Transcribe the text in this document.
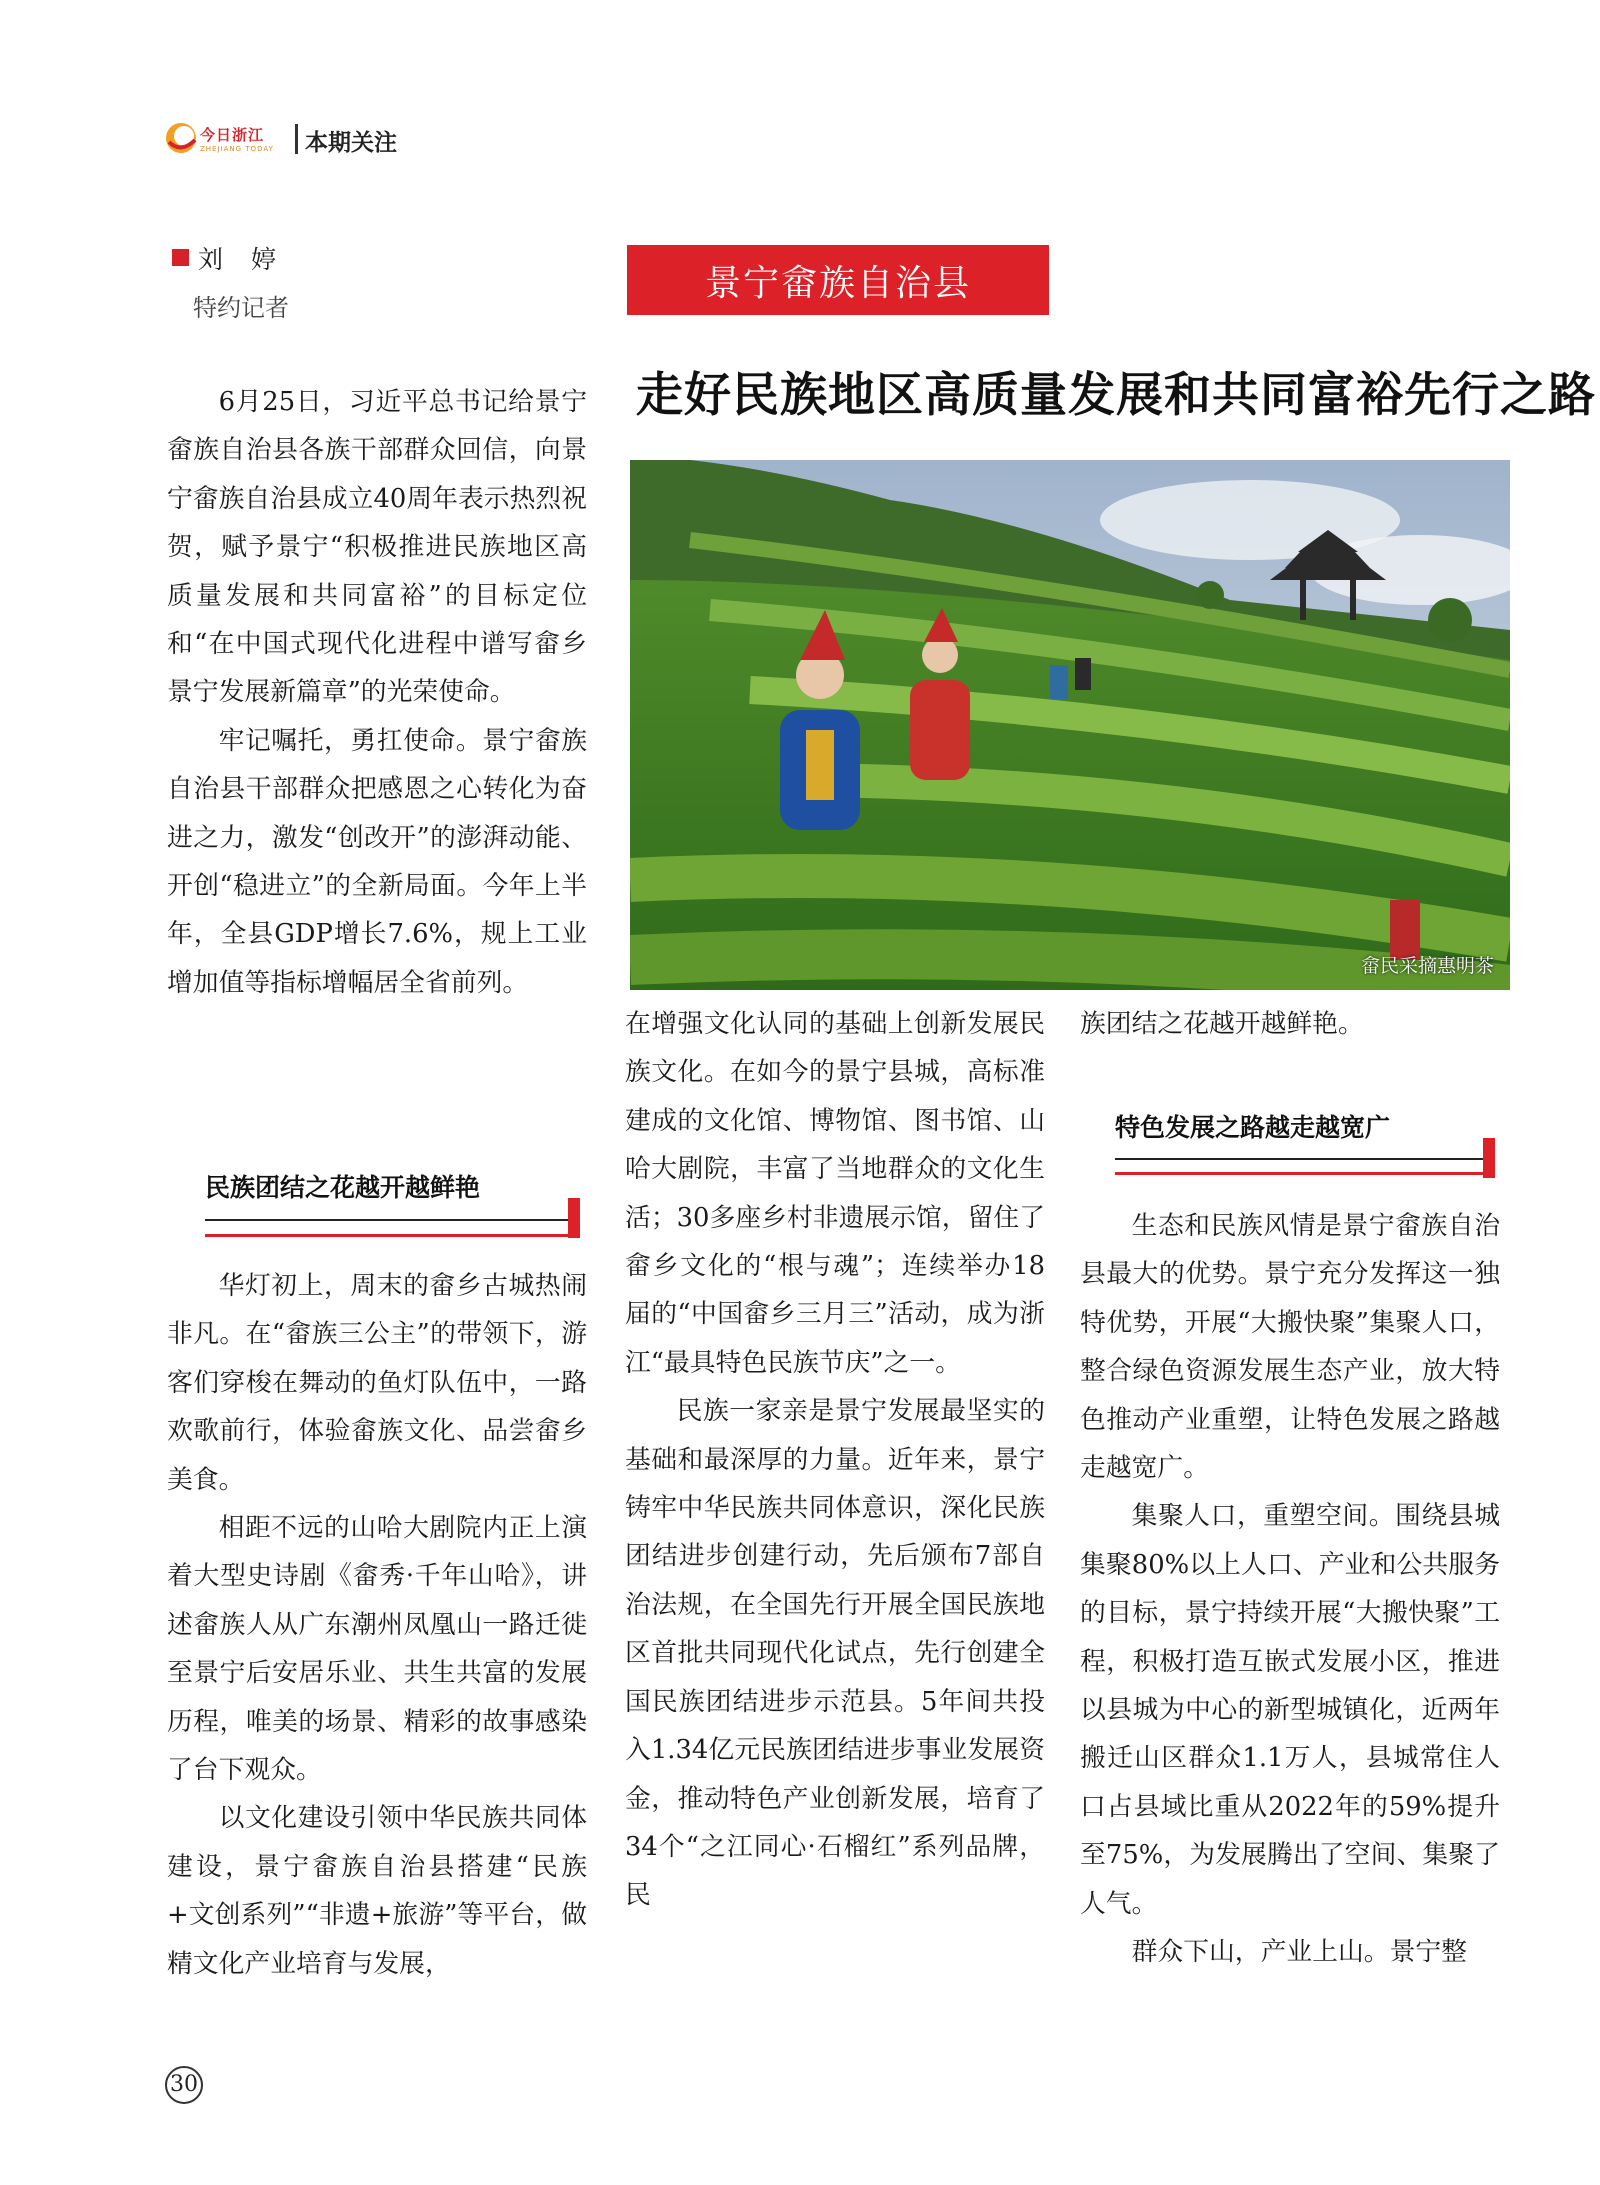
今日浙江
ZHEJIANG TODAY 本期关注
刘 婷
特约记者
景宁畲族自治县
走好民族地区高质量发展和共同富裕先行之路
畲民采摘惠明茶

6月25日，习近平总书记给景宁畲族自治县各族干部群众回信，向景宁畲族自治县成立40周年表示热烈祝贺，赋予景宁“积极推进民族地区高质量发展和共同富裕”的目标定位和“在中国式现代化进程中谱写畲乡景宁发展新篇章”的光荣使命。

牢记嘱托，勇扛使命。景宁畲族自治县干部群众把感恩之心转化为奋进之力，激发“创改开”的澎湃动能、开创“稳进立”的全新局面。今年上半年，全县GDP增长7.6%，规上工业增加值等指标增幅居全省前列。

民族团结之花越开越鲜艳

华灯初上，周末的畲乡古城热闹非凡。在“畲族三公主”的带领下，游客们穿梭在舞动的鱼灯队伍中，一路欢歌前行，体验畲族文化、品尝畲乡美食。

相距不远的山哈大剧院内正上演着大型史诗剧《畲秀·千年山哈》，讲述畲族人从广东潮州凤凰山一路迁徙至景宁后安居乐业、共生共富的发展历程，唯美的场景、精彩的故事感染了台下观众。

以文化建设引领中华民族共同体建设，景宁畲族自治县搭建“民族+文创系列”“非遗+旅游”等平台，做精文化产业培育与发展，

在增强文化认同的基础上创新发展民族文化。在如今的景宁县城，高标准建成的文化馆、博物馆、图书馆、山哈大剧院，丰富了当地群众的文化生活；30多座乡村非遗展示馆，留住了畲乡文化的“根与魂”；连续举办18届的“中国畲乡三月三”活动，成为浙江“最具特色民族节庆”之一。

民族一家亲是景宁发展最坚实的基础和最深厚的力量。近年来，景宁铸牢中华民族共同体意识，深化民族团结进步创建行动，先后颁布7部自治法规，在全国先行开展全国民族地区首批共同现代化试点，先行创建全国民族团结进步示范县。5年间共投入1.34亿元民族团结进步事业发展资金，推动特色产业创新发展，培育了34个“之江同心·石榴红”系列品牌，民

族团结之花越开越鲜艳。

特色发展之路越走越宽广

生态和民族风情是景宁畲族自治县最大的优势。景宁充分发挥这一独特优势，开展“大搬快聚”集聚人口，整合绿色资源发展生态产业，放大特色推动产业重塑，让特色发展之路越走越宽广。

集聚人口，重塑空间。围绕县城集聚80%以上人口、产业和公共服务的目标，景宁持续开展“大搬快聚”工程，积极打造互嵌式发展小区，推进以县城为中心的新型城镇化，近两年搬迁山区群众1.1万人，县城常住人口占县域比重从2022年的59%提升至75%，为发展腾出了空间、集聚了人气。

群众下山，产业上山。景宁整

30
